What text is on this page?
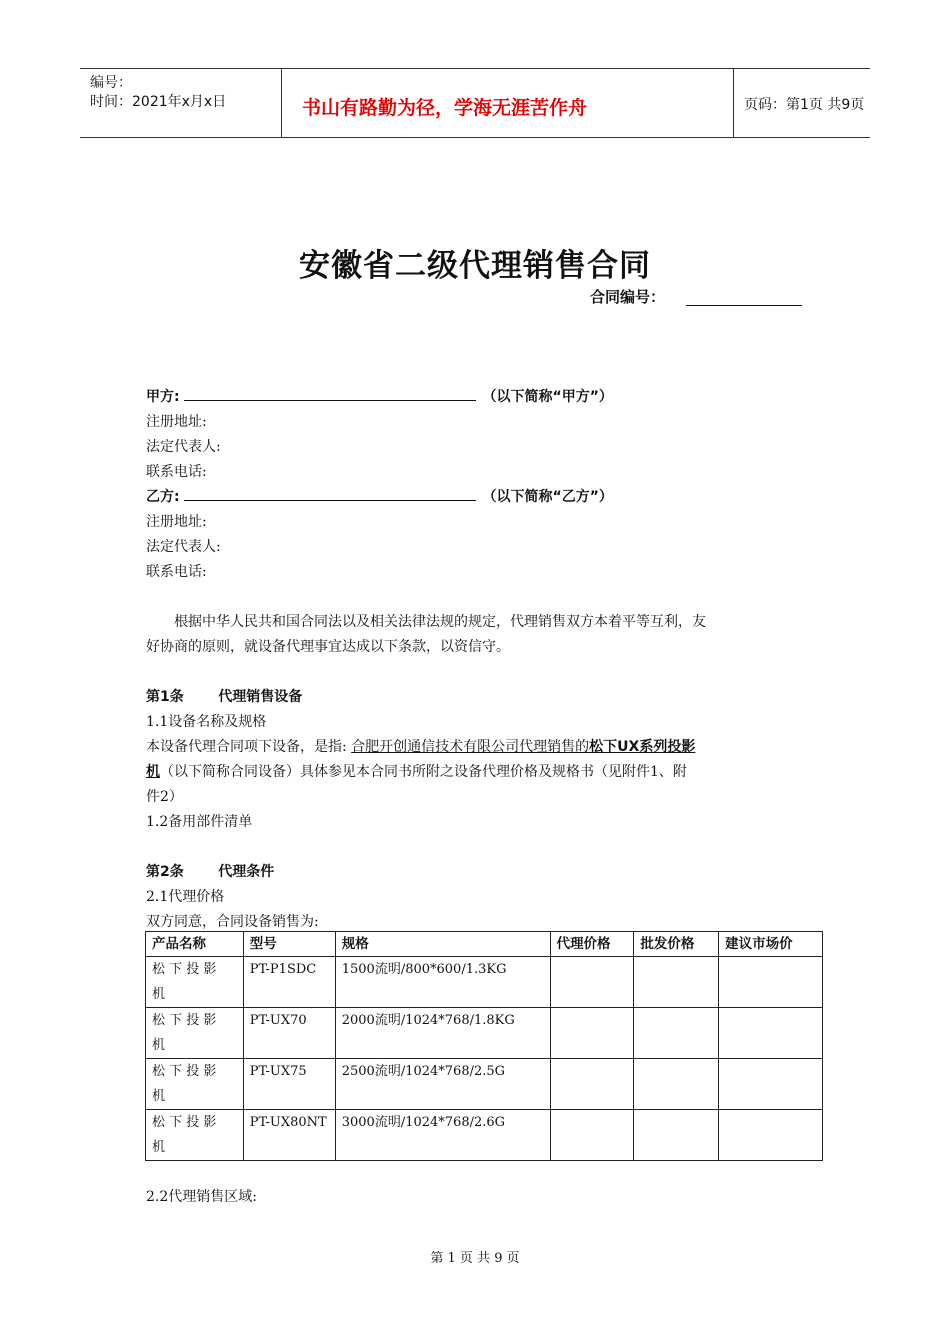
编号：
时间：2021年x月x日	书山有路勤为径，学海无涯苦作舟	页码：第1页 共9页
安徽省二级代理销售合同
合同编号：
甲方:	（以下简称“甲方”）
注册地址:
法定代表人:
联系电话:
乙方:	（以下简称“乙方”）
注册地址:
法定代表人:
联系电话:
根据中华人民共和国合同法以及相关法律法规的规定，代理销售双方本着平等互利，友
好协商的原则，就设备代理事宜达成以下条款，以资信守。
第1条 代理销售设备
1.1设备名称及规格
本设备代理合同项下设备，是指: 合肥开创通信技术有限公司代理销售的松下UX系列投影
机（以下简称合同设备）具体参见本合同书所附之设备代理价格及规格书（见附件1、附
件2）
1.2备用部件清单
第2条 代理条件
2.1代理价格
双方同意，合同设备销售为:
产品名称	型号	规格	代理价格	批发价格	建议市场价

松 下 投 影
机	PT-P1SDC	1500流明/800*600/1.3KG			

松 下 投 影
机	PT-UX70	2000流明/1024*768/1.8KG			

松 下 投 影
机	PT-UX75	2500流明/1024*768/2.5G			

松 下 投 影
机	PT-UX80NT	3000流明/1024*768/2.6G			
2.2代理销售区域:
第 1 页 共 9 页
